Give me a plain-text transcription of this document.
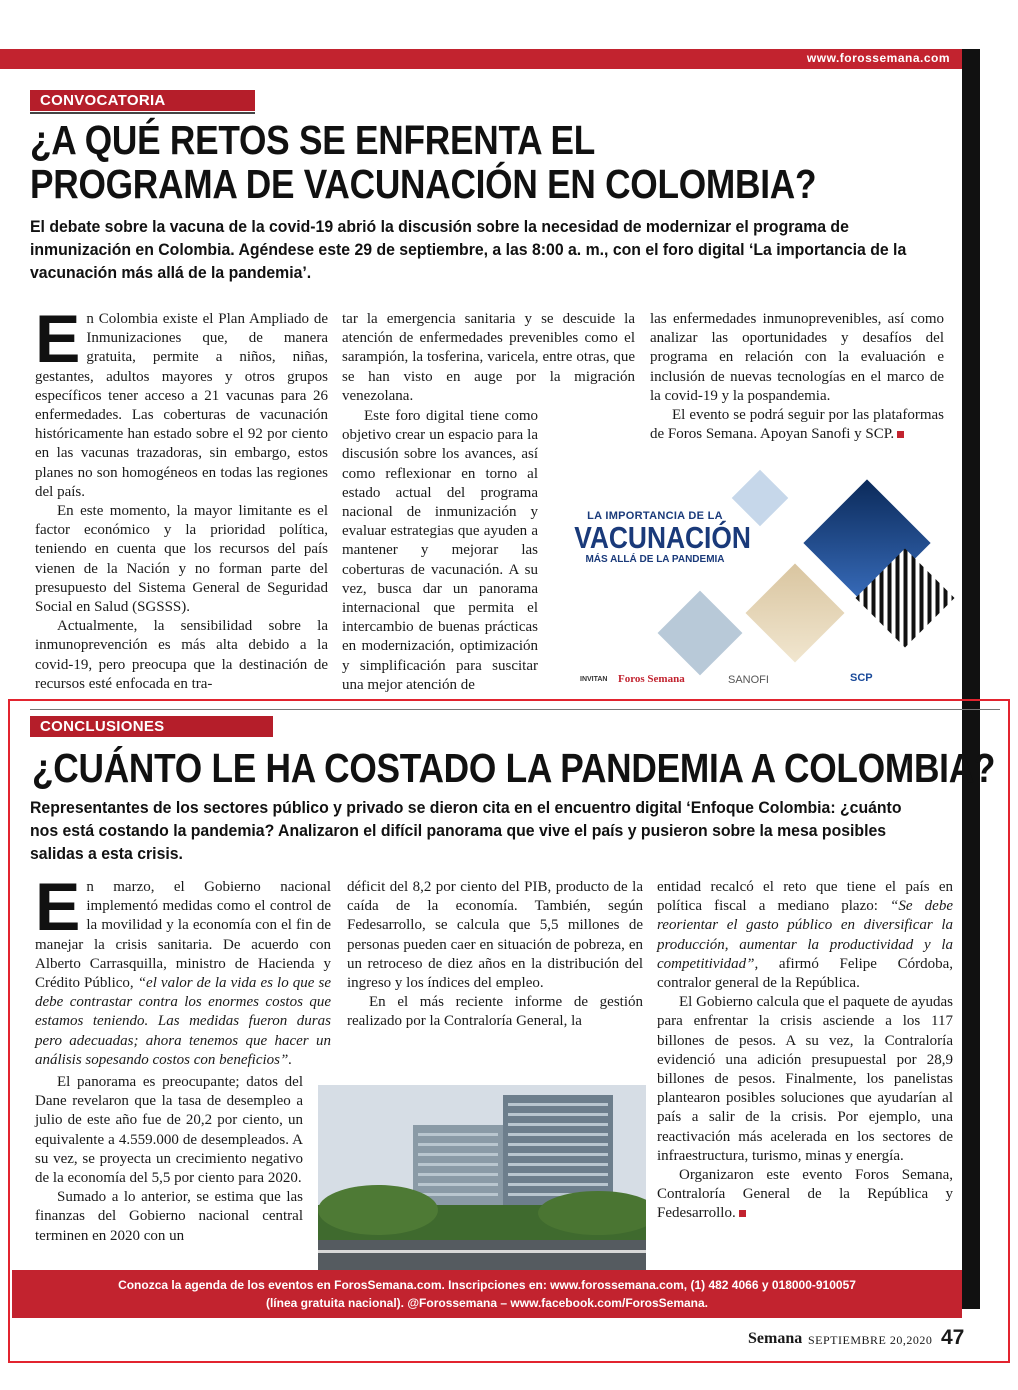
www.forossemana.com
CONVOCATORIA
¿A QUÉ RETOS SE ENFRENTA EL
PROGRAMA DE VACUNACIÓN EN COLOMBIA?
El debate sobre la vacuna de la covid-19 abrió la discusión sobre la necesidad de modernizar el programa de inmunización en Colombia. Agéndese este 29 de septiembre, a las 8:00 a. m., con el foro digital ‘La importancia de la vacunación más allá de la pandemia’.

En Colombia existe el Plan Ampliado de Inmunizaciones que, de manera gratuita, permite a niños, niñas, gestantes, adultos mayores y otros grupos específicos tener acceso a 21 vacunas para 26 enfermedades. Las coberturas de vacunación históricamente han estado sobre el 92 por ciento en las vacunas trazadoras, sin embargo, estos planes no son homogéneos en todas las regiones del país.

En este momento, la mayor limitante es el factor económico y la prioridad política, teniendo en cuenta que los recursos del país vienen de la Nación y no forman parte del presupuesto del Sistema General de Seguridad Social en Salud (SGSSS).

Actualmente, la sensibilidad sobre la inmunoprevención es más alta debido a la covid-19, pero preocupa que la destinación de recursos esté enfocada en tra-

tar la emergencia sanitaria y se descuide la atención de enfermedades prevenibles como el sarampión, la tosferina, varicela, entre otras, que se han visto en auge por la migración venezolana.

Este foro digital tiene como objetivo crear un espacio para la discusión sobre los avances, así como reflexionar en torno al estado actual del programa nacional de inmunización y evaluar estrategias que ayuden a mantener y mejorar las coberturas de vacunación. A su vez, busca dar un panorama internacional que permita el intercambio de buenas prácticas en modernización, optimización y simplificación para suscitar una mejor atención de

las enfermedades inmunoprevenibles, así como analizar las oportunidades y desafíos del programa en relación con la evaluación e inclusión de nuevas tecnologías en el marco de la covid-19 y la pospandemia.

El evento se podrá seguir por las plataformas de Foros Semana. Apoyan Sanofi y SCP.

LA IMPORTANCIA DE LA
VACUNACIÓN
MÁS ALLÁ DE LA PANDEMIA
INVITAN Foros Semana	SANOFI	SCP
CONCLUSIONES
¿CUÁNTO LE HA COSTADO LA PANDEMIA A COLOMBIA?
Representantes de los sectores público y privado se dieron cita en el encuentro digital ‘Enfoque Colombia: ¿cuánto nos está costando la pandemia? Analizaron el difícil panorama que vive el país y pusieron sobre la mesa posibles salidas a esta crisis.

En marzo, el Gobierno nacional implementó medidas como el control de la movilidad y la economía con el fin de manejar la crisis sanitaria. De acuerdo con Alberto Carrasquilla, ministro de Hacienda y Crédito Público, “el valor de la vida es lo que se debe contrastar contra los enormes costos que estamos teniendo. Las medidas fueron duras pero adecuadas; ahora tenemos que hacer un análisis sopesando costos con beneficios”.

El panorama es preocupante; datos del Dane revelaron que la tasa de desempleo a julio de este año fue de 20,2 por ciento, un equivalente a 4.559.000 de desempleados. A su vez, se proyecta un crecimiento negativo de la economía del 5,5 por ciento para 2020.

Sumado a lo anterior, se estima que las finanzas del Gobierno nacional central terminen en 2020 con un

déficit del 8,2 por ciento del PIB, producto de la caída de la economía. También, según Fedesarrollo, se calcula que 5,5 millones de personas pueden caer en situación de pobreza, en un retroceso de diez años en la distribución del ingreso y los índices del empleo.

En el más reciente informe de gestión realizado por la Contraloría General, la

entidad recalcó el reto que tiene el país en política fiscal a mediano plazo: “Se debe reorientar el gasto público en diversificar la producción, aumentar la productividad y la competitividad”, afirmó Felipe Córdoba, contralor general de la República.

El Gobierno calcula que el paquete de ayudas para enfrentar la crisis asciende a los 117 billones de pesos. A su vez, la Contraloría evidenció una adición presupuestal por 28,9 billones de pesos. Finalmente, los panelistas plantearon posibles soluciones que ayudarían al país a salir de la crisis. Por ejemplo, una reactivación más acelerada en los sectores de infraestructura, turismo, minas y energía.

Organizaron este evento Foros Semana, Contraloría General de la República y Fedesarrollo.

Conozca la agenda de los eventos en ForosSemana.com. Inscripciones en: www.forossemana.com, (1) 482 4066 y 018000-910057
(línea gratuita nacional). @Forossemana – www.facebook.com/ForosSemana.
Semana SEPTIEMBRE 20,2020 47
